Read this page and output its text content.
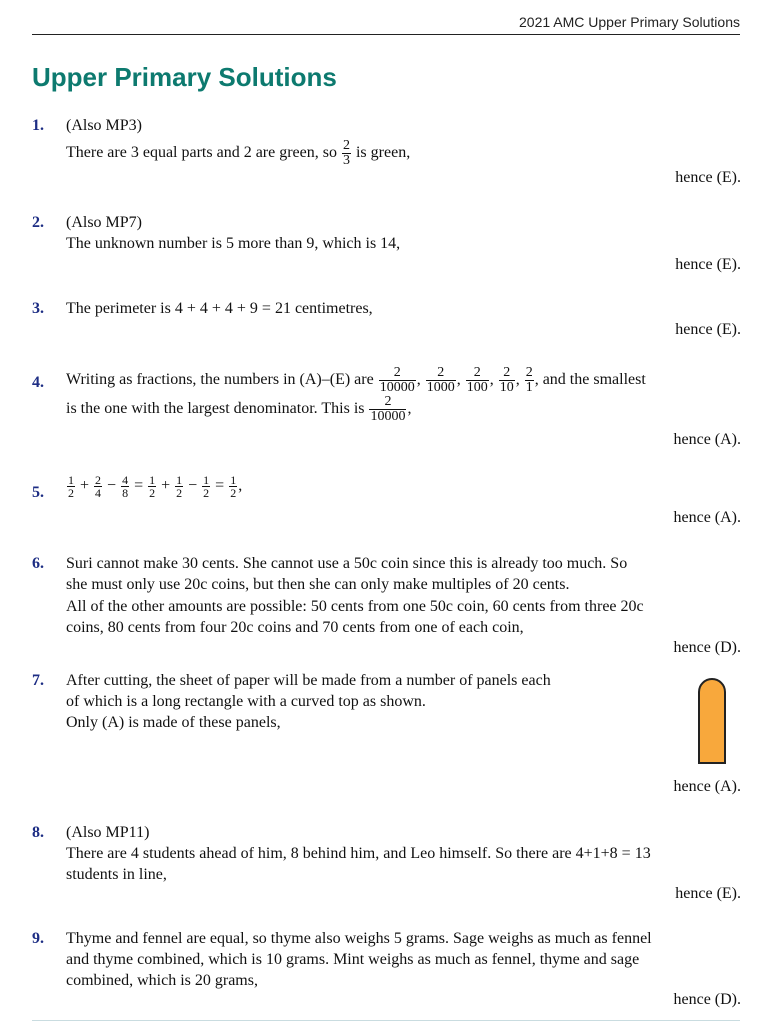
2021 AMC Upper Primary Solutions
Upper Primary Solutions
1.	(Also MP3)
There are 3 equal parts and 2 are green, so $\frac{2}{3}$ is green,
hence (E).
2.	(Also MP7)
The unknown number is 5 more than 9, which is 14,
hence (E).
3.	The perimeter is 4 + 4 + 4 + 9 = 21 centimetres,
hence (E).
4.	Writing as fractions, the numbers in (A)–(E) are $\frac{2}{10000}$ , $\frac{2}{1000}$ , $\frac{2}{100}$ , $\frac{2}{10}$ , $\frac{2}{1}$ , and the smallest
is the one with the largest denominator. This is $\frac{2}{10000}$ ,
hence (A).
5.	$\frac{1}{2} + \frac{2}{4} - \frac{4}{8} = \frac{1}{2} + \frac{1}{2} - \frac{1}{2} = \frac{1}{2}$ ,
hence (A).
6.	Suri cannot make 30 cents. She cannot use a 50c coin since this is already too much. So
she must only use 20c coins, but then she can only make multiples of 20 cents.
All of the other amounts are possible: 50 cents from one 50c coin, 60 cents from three 20c
coins, 80 cents from four 20c coins and 70 cents from one of each coin,
hence (D).
7.	After cutting, the sheet of paper will be made from a number of panels each
of which is a long rectangle with a curved top as shown.
Only (A) is made of these panels,
hence (A).
8.	(Also MP11)
There are 4 students ahead of him, 8 behind him, and Leo himself. So there are 4+1+8 = 13
students in line,
hence (E).
9.	Thyme and fennel are equal, so thyme also weighs 5 grams. Sage weighs as much as fennel
and thyme combined, which is 10 grams. Mint weighs as much as fennel, thyme and sage
combined, which is 20 grams,
hence (D).
